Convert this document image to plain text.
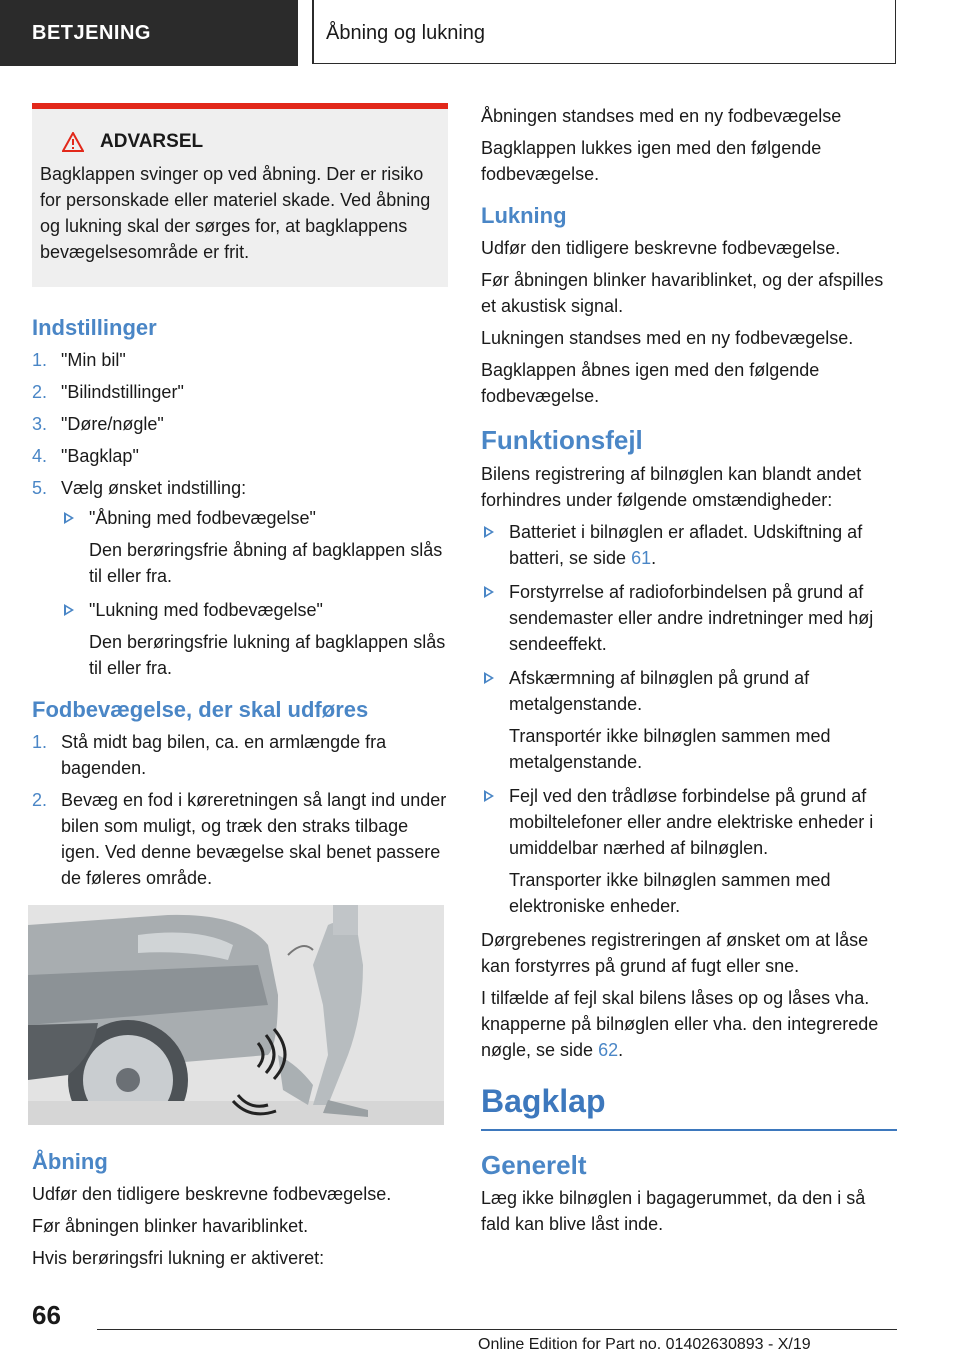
BETJENING	Åbning og lukning
ADVARSEL
Bagklappen svinger op ved åbning. Der er risiko for personskade eller materiel skade. Ved åbning og lukning skal der sørges for, at bagklappens bevægelsesområde er frit.
Indstillinger
1. "Min bil"
2. "Bilindstillinger"
3. "Døre/nøgle"
4. "Bagklap"
5. Vælg ønsket indstilling:
"Åbning med fodbevægelse"
Den berøringsfrie åbning af bagklappen slås til eller fra.
"Lukning med fodbevægelse"
Den berøringsfrie lukning af bagklappen slås til eller fra.
Fodbevægelse, der skal udføres
1. Stå midt bag bilen, ca. en armlængde fra bagenden.
2. Bevæg en fod i køreretningen så langt ind under bilen som muligt, og træk den straks tilbage igen. Ved denne bevægelse skal benet passere de føleres område.
Åbning

Udfør den tidligere beskrevne fodbevægelse.

Før åbningen blinker havariblinket.

Hvis berøringsfri lukning er aktiveret:

Åbningen standses med en ny fodbevægelse

Bagklappen lukkes igen med den følgende fodbevægelse.

Lukning

Udfør den tidligere beskrevne fodbevægelse.

Før åbningen blinker havariblinket, og der afspilles et akustisk signal.

Lukningen standses med en ny fodbevægelse.

Bagklappen åbnes igen med den følgende fodbevægelse.

Funktionsfejl

Bilens registrering af bilnøglen kan blandt andet forhindres under følgende omstændigheder:

Batteriet i bilnøglen er afladet. Udskiftning af batteri, se side 61.
Forstyrrelse af radioforbindelsen på grund af sendemaster eller andre indretninger med høj sendeeffekt.
Afskærmning af bilnøglen på grund af metalgenstande.
Transportér ikke bilnøglen sammen med metalgenstande.
Fejl ved den trådløse forbindelse på grund af mobiltelefoner eller andre elektriske enheder i umiddelbar nærhed af bilnøglen.
Transporter ikke bilnøglen sammen med elektroniske enheder.

Dørgrebenes registreringen af ønsket om at låse kan forstyrres på grund af fugt eller sne.

I tilfælde af fejl skal bilens låses op og låses vha. knapperne på bilnøglen eller vha. den integrerede nøgle, se side 62.

Bagklap
Generelt

Læg ikke bilnøglen i bagagerummet, da den i så fald kan blive låst inde.

66
Online Edition for Part no. 01402630893 - X/19
